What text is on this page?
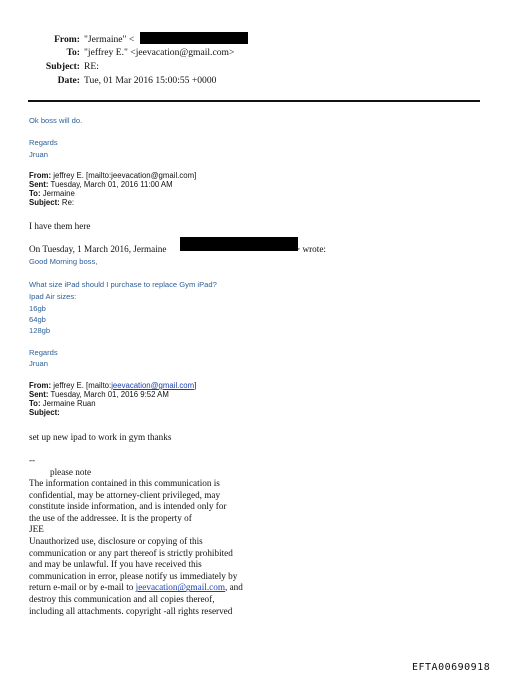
From: "Jermaine" <
To: "jeffrey E." <jeevacation@gmail.com>
Subject: RE:
Date: Tue, 01 Mar 2016 15:00:55 +0000
Ok boss will do.
Regards
Jruan
From: jeffrey E. [mailto:jeevacation@gmail.com]
Sent: Tuesday, March 01, 2016 11:00 AM
To: Jermaine
Subject: Re:
I have them here
On Tuesday, 1 March 2016, Jermaine	> wrote:
Good Morning boss,
What size iPad should I purchase to replace Gym iPad?
Ipad Air sizes:
16gb
64gb
128gb
Regards
Jruan
From: jeffrey E. [mailto:jeevacation@gmail.com]
Sent: Tuesday, March 01, 2016 9:52 AM
To: Jermaine Ruan
Subject:
set up new ipad to work in gym thanks
--
please note
The information contained in this communication is
confidential, may be attorney-client privileged, may
constitute inside information, and is intended only for
the use of the addressee. It is the property of
JEE
Unauthorized use, disclosure or copying of this
communication or any part thereof is strictly prohibited
and may be unlawful. If you have received this
communication in error, please notify us immediately by
return e-mail or by e-mail to jeevacation@gmail.com, and
destroy this communication and all copies thereof,
including all attachments. copyright -all rights reserved
EFTA00690918
